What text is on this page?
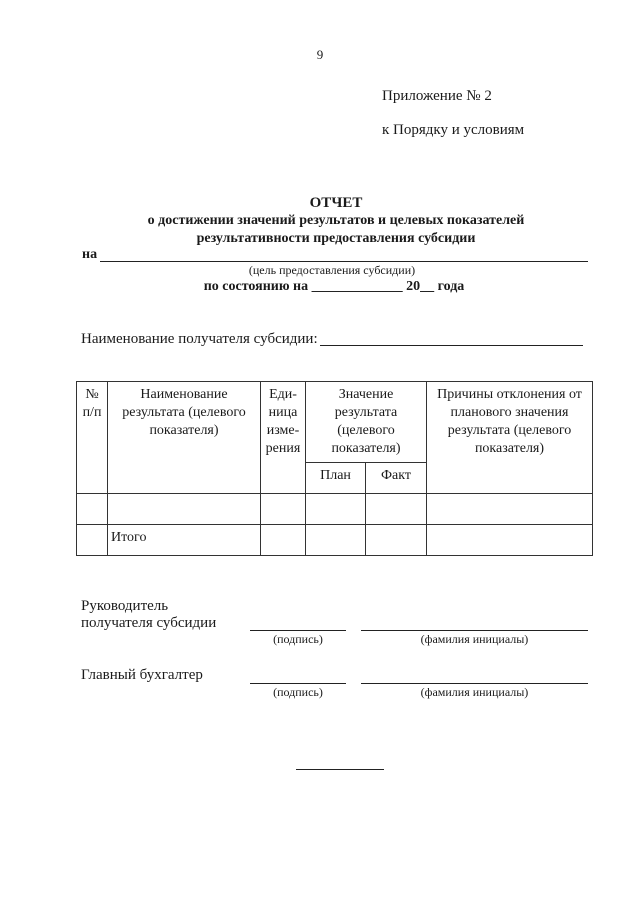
9
Приложение № 2
к Порядку и условиям
ОТЧЕТ
о достижении значений результатов и целевых показателей
результативности предоставления субсидии
на
(цель предоставления субсидии)
по состоянию на _____________ 20__ года
Наименование получателя субсидии:
№ п/п	Наименование результата (целевого показателя)	Еди-ница изме-рения	Значение результата (целевого показателя)		Причины отклонения от планового значения результата (целевого показателя)
			План	Факт	

	Итого				
Руководитель
получателя субсидии
(подпись)	(фамилия инициалы)
Главный бухгалтер
(подпись)	(фамилия инициалы)
